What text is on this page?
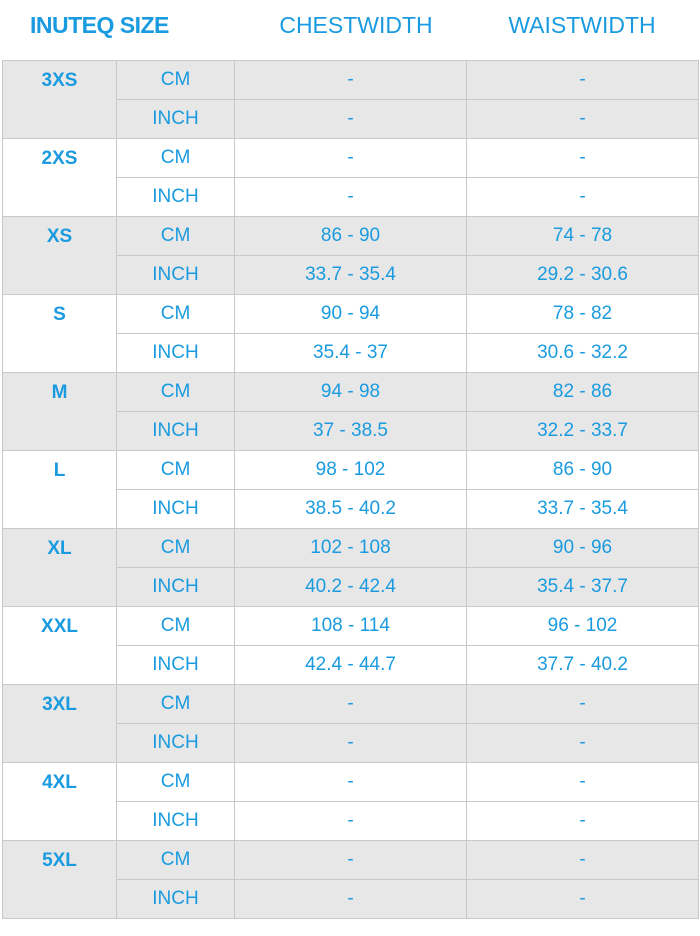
INUTEQ SIZE	CHESTWIDTH	WAISTWIDTH
3XS	CM	-	-
	INCH	-	-
2XS	CM	-	-
	INCH	-	-
XS	CM	86 - 90	74 - 78
	INCH	33.7 - 35.4	29.2 - 30.6
S	CM	90 - 94	78 - 82
	INCH	35.4 - 37	30.6 - 32.2
M	CM	94 - 98	82 - 86
	INCH	37 - 38.5	32.2 - 33.7
L	CM	98 - 102	86 - 90
	INCH	38.5 - 40.2	33.7 - 35.4
XL	CM	102 - 108	90 - 96
	INCH	40.2 - 42.4	35.4 - 37.7
XXL	CM	108 - 114	96 - 102
	INCH	42.4 - 44.7	37.7 - 40.2
3XL	CM	-	-
	INCH	-	-
4XL	CM	-	-
	INCH	-	-
5XL	CM	-	-
	INCH	-	-
